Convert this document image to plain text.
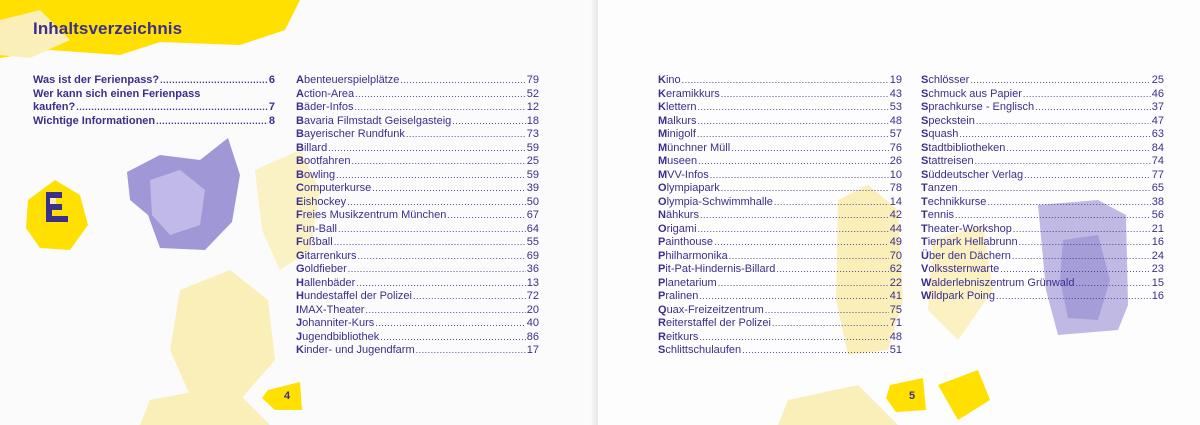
Inhaltsverzeichnis
Was ist der Ferienpass? .....	6
Wer kann sich einen Ferienpass
kaufen? .....	7
Wichtige Informationen .....	8
Abenteuerspielplätze .....	79
Action-Area .....	52
Bäder-Infos .....	12
Bavaria Filmstadt Geiselgasteig .....	18
Bayerischer Rundfunk .....	73
Billard .....	59
Bootfahren .....	25
Bowling .....	59
Computerkurse .....	39
Eishockey .....	50
Freies Musikzentrum München .....	67
Fun-Ball .....	64
Fußball .....	55
Gitarrenkurs .....	69
Goldfieber .....	36
Hallenbäder .....	13
Hundestaffel der Polizei .....	72
IMAX-Theater .....	20
Johanniter-Kurs .....	40
Jugendbibliothek .....	86
Kinder- und Jugendfarm .....	17
4
Kino .....	19
Keramikkurs .....	43
Klettern .....	53
Malkurs .....	48
Minigolf .....	57
Münchner Müll .....	76
Museen .....	26
MVV-Infos .....	10
Olympiapark .....	78
Olympia-Schwimmhalle .....	14
Nähkurs .....	42
Origami .....	44
Painthouse .....	49
Philharmonika .....	70
Pit-Pat-Hindernis-Billard .....	62
Planetarium .....	22
Pralinen .....	41
Quax-Freizeitzentrum .....	75
Reiterstaffel der Polizei .....	71
Reitkurs .....	48
Schlittschulaufen .....	51
Schlösser .....	25
Schmuck aus Papier .....	46
Sprachkurse - Englisch .....	37
Speckstein .....	47
Squash .....	63
Stadtbibliotheken .....	84
Stattreisen .....	74
Süddeutscher Verlag .....	77
Tanzen .....	65
Technikkurse .....	38
Tennis .....	56
Theater-Workshop .....	21
Tierpark Hellabrunn .....	16
Über den Dächern .....	24
Volkssternwarte .....	23
Walderlebniszentrum Grünwald .....	15
Wildpark Poing .....	16
5
